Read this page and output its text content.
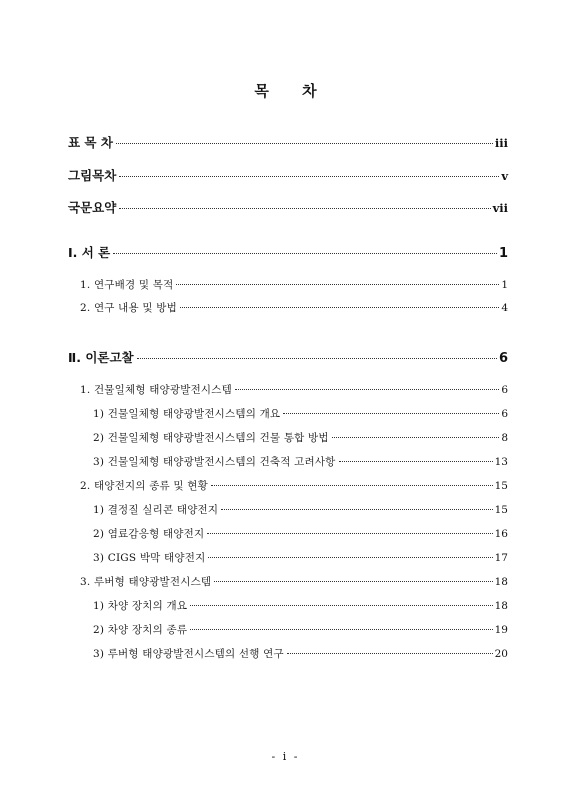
목 차
표 목 차	iii
그림목차	v
국문요약	vii
Ⅰ. 서 론	1
1. 연구배경 및 목적	1
2. 연구 내용 및 방법	4
Ⅱ. 이론고찰	6
1. 건물일체형 태양광발전시스템	6
1) 건물일체형 태양광발전시스템의 개요	6
2) 건물일체형 태양광발전시스템의 건물 통합 방법	8
3) 건물일체형 태양광발전시스템의 건축적 고려사항	13
2. 태양전지의 종류 및 현황	15
1) 결정질 실리콘 태양전지	15
2) 염료감응형 태양전지	16
3) CIGS 박막 태양전지	17
3. 루버형 태양광발전시스템	18
1) 차양 장치의 개요	18
2) 차양 장치의 종류	19
3) 루버형 태양광발전시스템의 선행 연구	20
- i -
